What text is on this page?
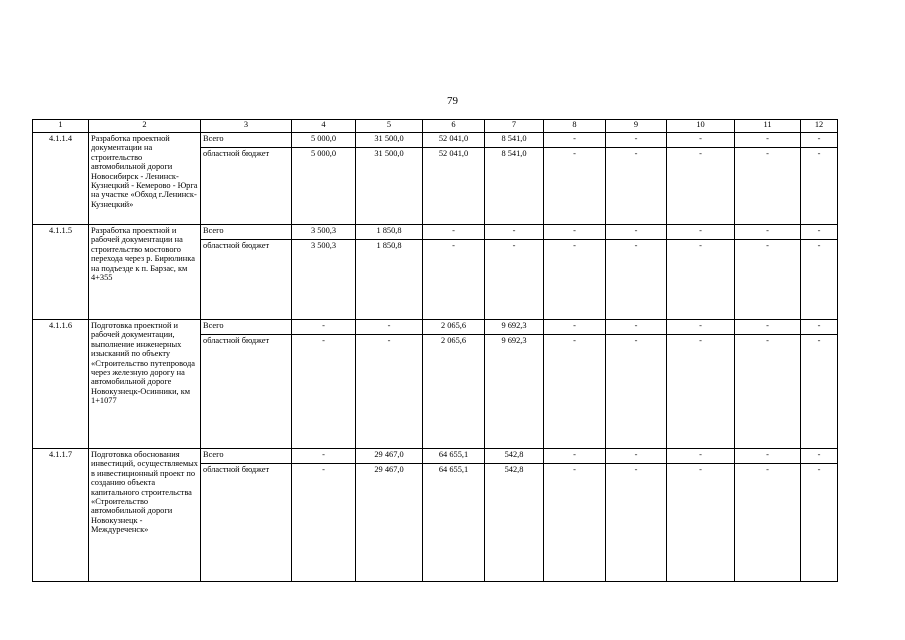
79
1	2	3	4	5	6	7	8	9	10	11	12
4.1.1.4	Разработка проектной документации на строительство автомобильной дороги Новосибирск - Ленинск-Кузнецкий - Кемерово - Юрга на участке «Обход г.Ленинск-Кузнецкий»	Всего	5 000,0	31 500,0	52 041,0	8 541,0	-	-	-	-	-
		областной бюджет	5 000,0	31 500,0	52 041,0	8 541,0	-	-	-	-	-
4.1.1.5	Разработка проектной и рабочей документации на строительство мостового перехода через р. Бирюлинка на подъезде к п. Барзас, км 4+355	Всего	3 500,3	1 850,8	-	-	-	-	-	-	-
		областной бюджет	3 500,3	1 850,8	-	-	-	-	-	-	-
4.1.1.6	Подготовка проектной и рабочей документации, выполнение инженерных изысканий по объекту «Строительство путепровода через железную дорогу на автомобильной дороге Новокузнецк-Осинники, км 1+1077	Всего	-	-	2 065,6	9 692,3	-	-	-	-	-
		областной бюджет	-	-	2 065,6	9 692,3	-	-	-	-	-
4.1.1.7	Подготовка обоснования инвестиций, осуществляемых в инвестиционный проект по созданию объекта капитального строительства «Строительство автомобильной дороги Новокузнецк - Междуреченск»	Всего	-	29 467,0	64 655,1	542,8	-	-	-	-	-
		областной бюджет	-	29 467,0	64 655,1	542,8	-	-	-	-	-
